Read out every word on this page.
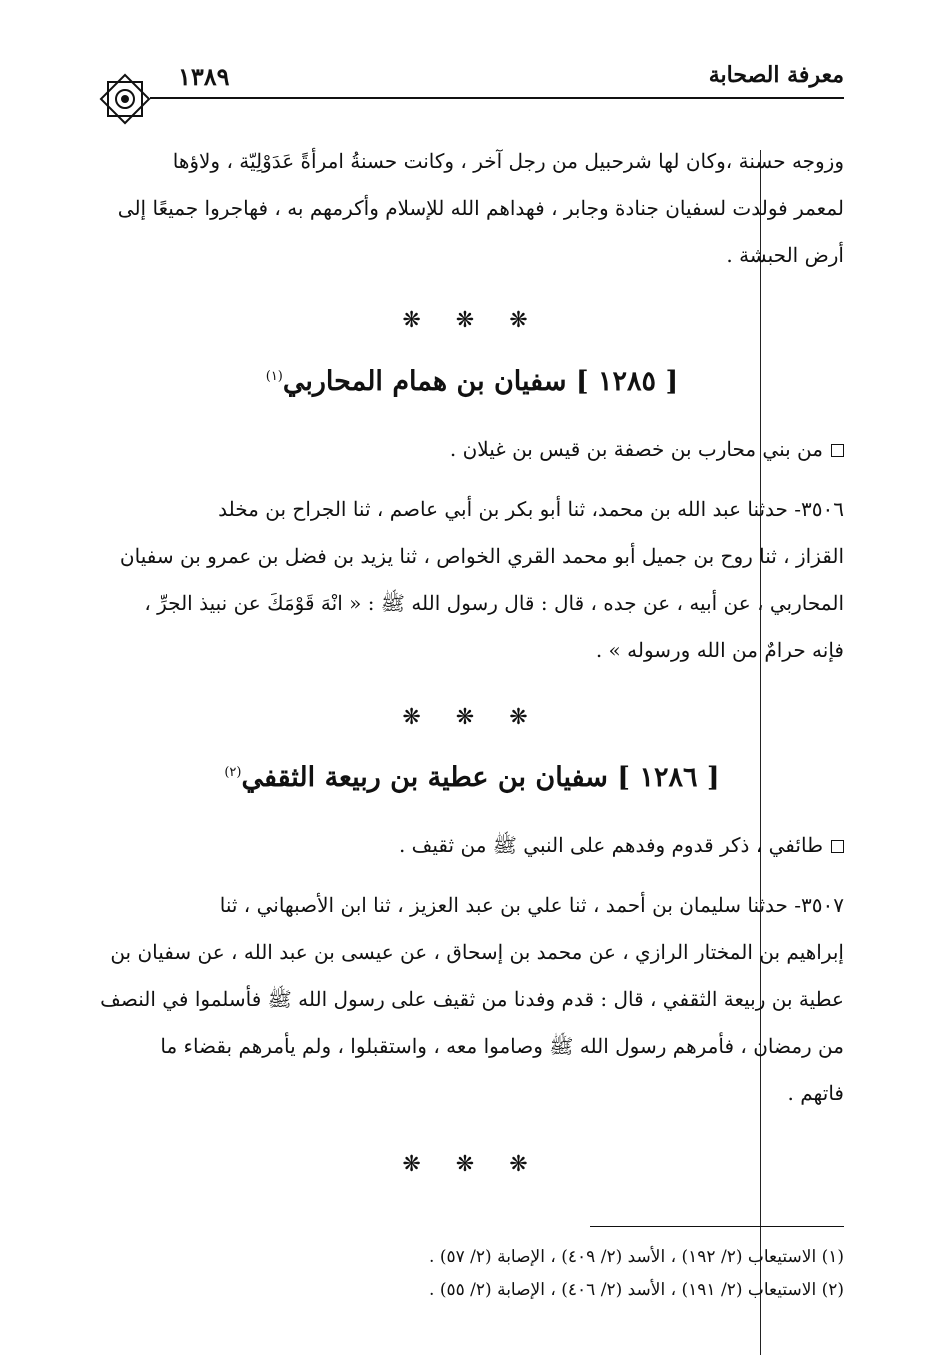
معرفة الصحابة
١٣٨٩
وزوجه حسنة ،وكان لها شرحبيل من رجل آخر ، وكانت حسنةُ امرأةً عَدَوْلِيّة ، ولاؤها
لمعمر فولدت لسفيان جنادة وجابر ، فهداهم الله للإسلام وأكرمهم به ، فهاجروا جميعًا إلى
أرض الحبشة .
❋ ❋ ❋
[ ١٢٨٥ ] سفيان بن همام المحاربي$^{(١)}$
من بني محارب بن خصفة بن قيس بن غيلان .
٣٥٠٦- حدثنا عبد الله بن محمد، ثنا أبو بكر بن أبي عاصم ، ثنا الجراح بن مخلد
القزاز ، ثنا روح بن جميل أبو محمد القري الخواص ، ثنا يزيد بن فضل بن عمرو بن سفيان
المحاربي ، عن أبيه ، عن جده ، قال : قال رسول الله ﷺ : « انْهَ قَوْمَكَ عن نبيذ الجرِّ ،
فإنه حرامٌ من الله ورسوله » .
❋ ❋ ❋
[ ١٢٨٦ ] سفيان بن عطية بن ربيعة الثقفي$^{(٢)}$
طائفي ، ذكر قدوم وفدهم على النبي ﷺ من ثقيف .
٣٥٠٧- حدثنا سليمان بن أحمد ، ثنا علي بن عبد العزيز ، ثنا ابن الأصبهاني ، ثنا
إبراهيم بن المختار الرازي ، عن محمد بن إسحاق ، عن عيسى بن عبد الله ، عن سفيان بن
عطية بن ربيعة الثقفي ، قال : قدم وفدنا من ثقيف على رسول الله ﷺ فأسلموا في النصف
من رمضان ، فأمرهم رسول الله ﷺ وصاموا معه ، واستقبلوا ، ولم يأمرهم بقضاء ما
فاتهم .
❋ ❋ ❋
(١) الاستيعاب (٢/ ١٩٢) ، الأسد (٢/ ٤٠٩) ، الإصابة (٢/ ٥٧) .
(٢) الاستيعاب (٢/ ١٩١) ، الأسد (٢/ ٤٠٦) ، الإصابة (٢/ ٥٥) .
